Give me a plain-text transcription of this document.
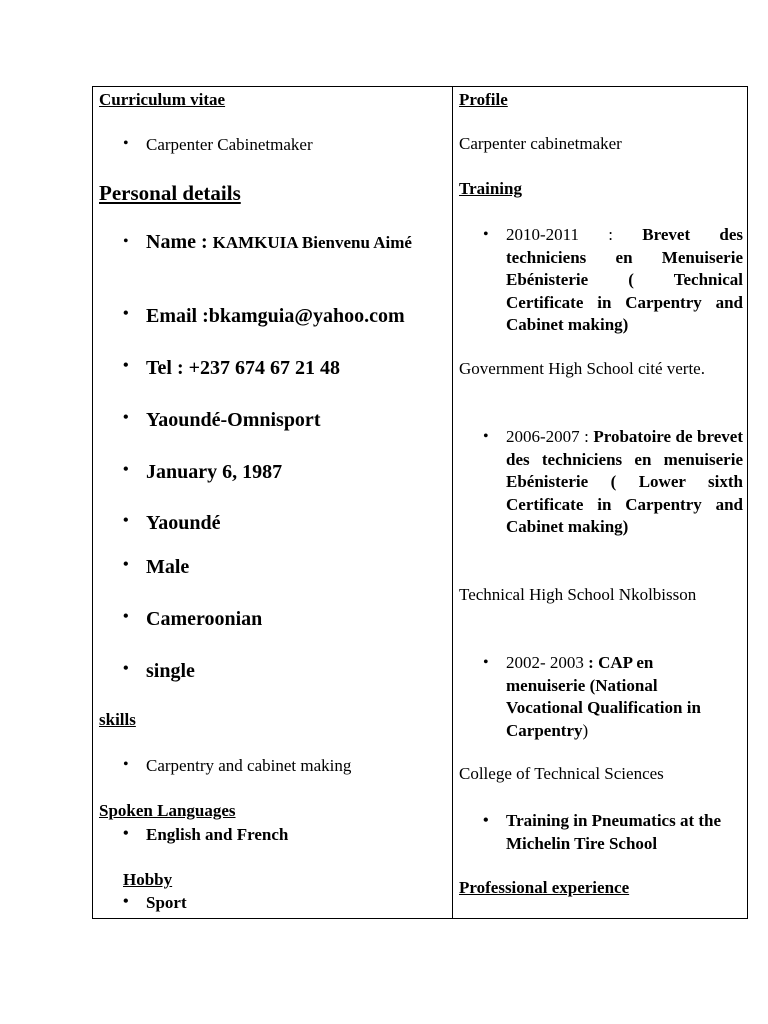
Curriculum vitae
• Carpenter Cabinetmaker
Personal details
• Name : KAMKUIA Bienvenu Aimé
• Email :bkamguia@yahoo.com
• Tel : +237 674 67 21 48
• Yaoundé-Omnisport
• January 6, 1987
• Yaoundé
• Male
• Cameroonian
• single
skills
• Carpentry and cabinet making
Spoken Languages
• English and French
Hobby
• Sport
Profile
Carpenter cabinetmaker
Training
• 2010-2011 : Brevet des techniciens en Menuiserie Ebénisterie ( Technical Certificate in Carpentry and Cabinet making)
Government High School cité verte.
• 2006-2007 : Probatoire de brevet des techniciens en menuiserie Ebénisterie ( Lower sixth Certificate in Carpentry and Cabinet making)
Technical High School Nkolbisson
• 2002- 2003 : CAP en menuiserie (National Vocational Qualification in Carpentry)
College of Technical Sciences
• Training in Pneumatics at the Michelin Tire School
Professional experience
